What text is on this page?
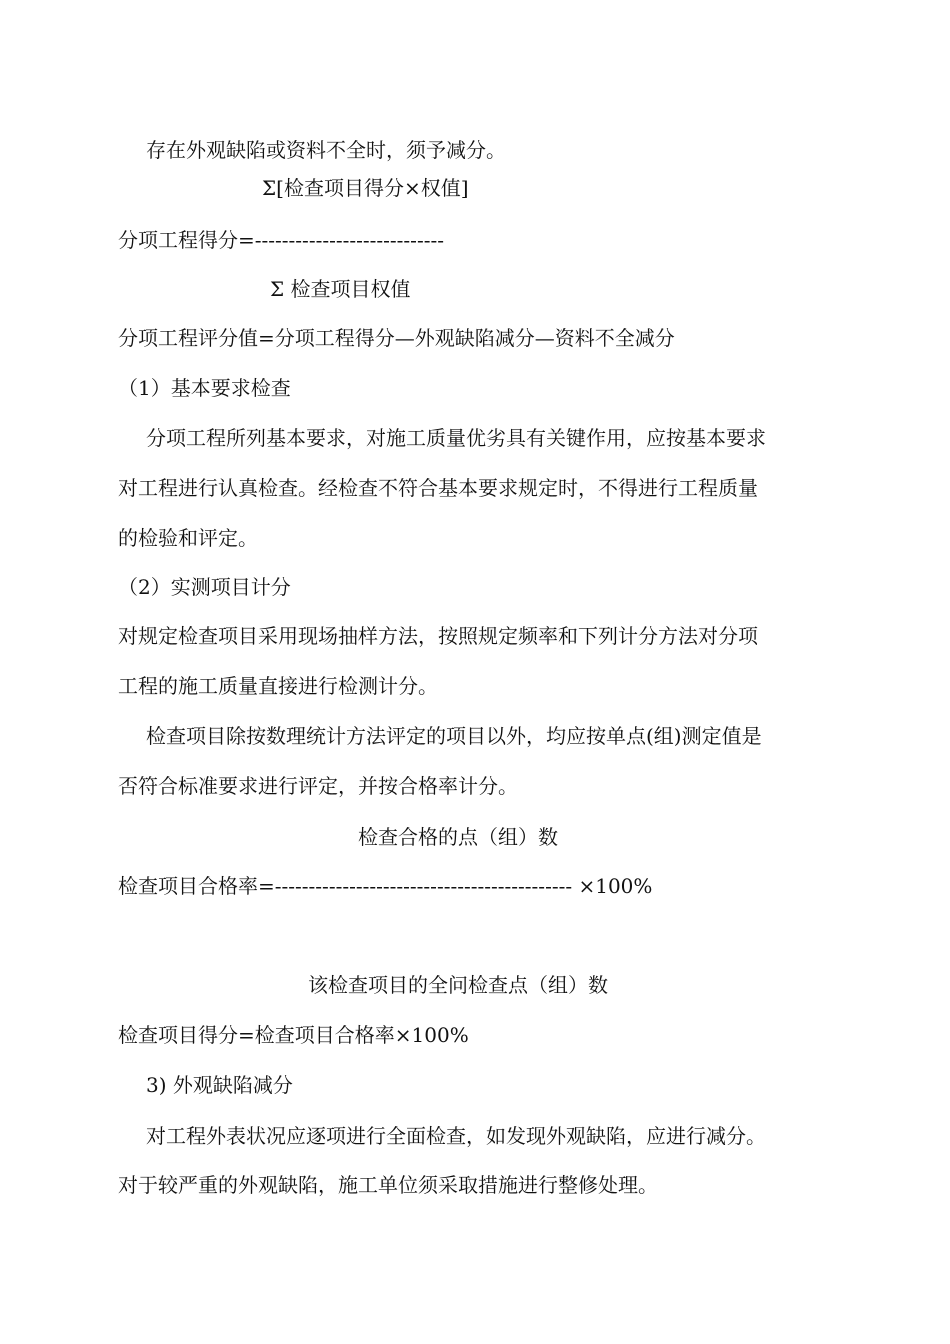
存在外观缺陷或资料不全时，须予减分。
Σ[检查项目得分×权值]
分项工程得分=----------------------------
Σ 检查项目权值
分项工程评分值=分项工程得分—外观缺陷减分—资料不全减分
（1）基本要求检查
分项工程所列基本要求，对施工质量优劣具有关键作用，应按基本要求
对工程进行认真检查。经检查不符合基本要求规定时，不得进行工程质量
的检验和评定。
（2）实测项目计分
对规定检查项目采用现场抽样方法，按照规定频率和下列计分方法对分项
工程的施工质量直接进行检测计分。
检查项目除按数理统计方法评定的项目以外，均应按单点(组)测定值是
否符合标准要求进行评定，并按合格率计分。
检查合格的点（组）数
检查项目合格率=-------------------------------------------- ×100%
该检查项目的全问检查点（组）数
检查项目得分=检查项目合格率×100%
3) 外观缺陷减分
对工程外表状况应逐项进行全面检查，如发现外观缺陷，应进行减分。
对于较严重的外观缺陷，施工单位须采取措施进行整修处理。
